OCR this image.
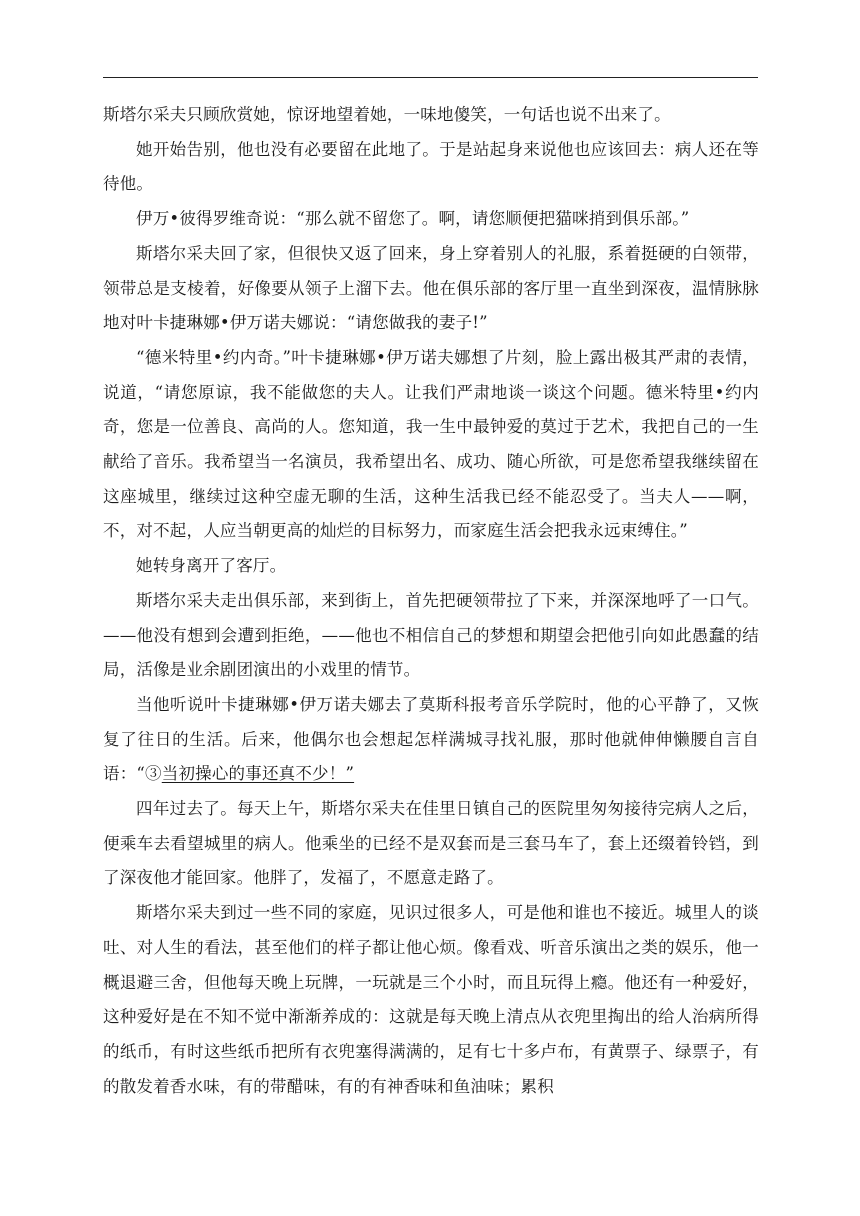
斯塔尔采夫只顾欣赏她，惊讶地望着她，一味地傻笑，一句话也说不出来了。

她开始告别，他也没有必要留在此地了。于是站起身来说他也应该回去：病人还在等待他。

伊万•彼得罗维奇说：“那么就不留您了。啊，请您顺便把猫咪捎到俱乐部。”

斯塔尔采夫回了家，但很快又返了回来，身上穿着别人的礼服，系着挺硬的白领带，领带总是支棱着，好像要从领子上溜下去。他在俱乐部的客厅里一直坐到深夜，温情脉脉地对叶卡捷琳娜•伊万诺夫娜说：“请您做我的妻子!”

“德米特里•约内奇。”叶卡捷琳娜•伊万诺夫娜想了片刻，脸上露出极其严肃的表情，说道，“请您原谅，我不能做您的夫人。让我们严肃地谈一谈这个问题。德米特里•约内奇，您是一位善良、高尚的人。您知道，我一生中最钟爱的莫过于艺术，我把自己的一生献给了音乐。我希望当一名演员，我希望出名、成功、随心所欲，可是您希望我继续留在这座城里，继续过这种空虚无聊的生活，这种生活我已经不能忍受了。当夫人——啊，不，对不起，人应当朝更高的灿烂的目标努力，而家庭生活会把我永远束缚住。”

她转身离开了客厅。

斯塔尔采夫走出俱乐部，来到街上，首先把硬领带拉了下来，并深深地呼了一口气。——他没有想到会遭到拒绝，——他也不相信自己的梦想和期望会把他引向如此愚蠢的结局，活像是业余剧团演出的小戏里的情节。

当他听说叶卡捷琳娜•伊万诺夫娜去了莫斯科报考音乐学院时，他的心平静了，又恢复了往日的生活。后来，他偶尔也会想起怎样满城寻找礼服，那时他就伸伸懒腰自言自语：“③当初操心的事还真不少！”

四年过去了。每天上午，斯塔尔采夫在佳里日镇自己的医院里匆匆接待完病人之后，便乘车去看望城里的病人。他乘坐的已经不是双套而是三套马车了，套上还缀着铃铛，到了深夜他才能回家。他胖了，发福了，不愿意走路了。

斯塔尔采夫到过一些不同的家庭，见识过很多人，可是他和谁也不接近。城里人的谈吐、对人生的看法，甚至他们的样子都让他心烦。像看戏、听音乐演出之类的娱乐，他一概退避三舍，但他每天晚上玩牌，一玩就是三个小时，而且玩得上瘾。他还有一种爱好，这种爱好是在不知不觉中渐渐养成的：这就是每天晚上清点从衣兜里掏出的给人治病所得的纸币，有时这些纸币把所有衣兜塞得满满的，足有七十多卢布，有黄票子、绿票子，有的散发着香水味，有的带醋味，有的有神香味和鱼油味；累积
